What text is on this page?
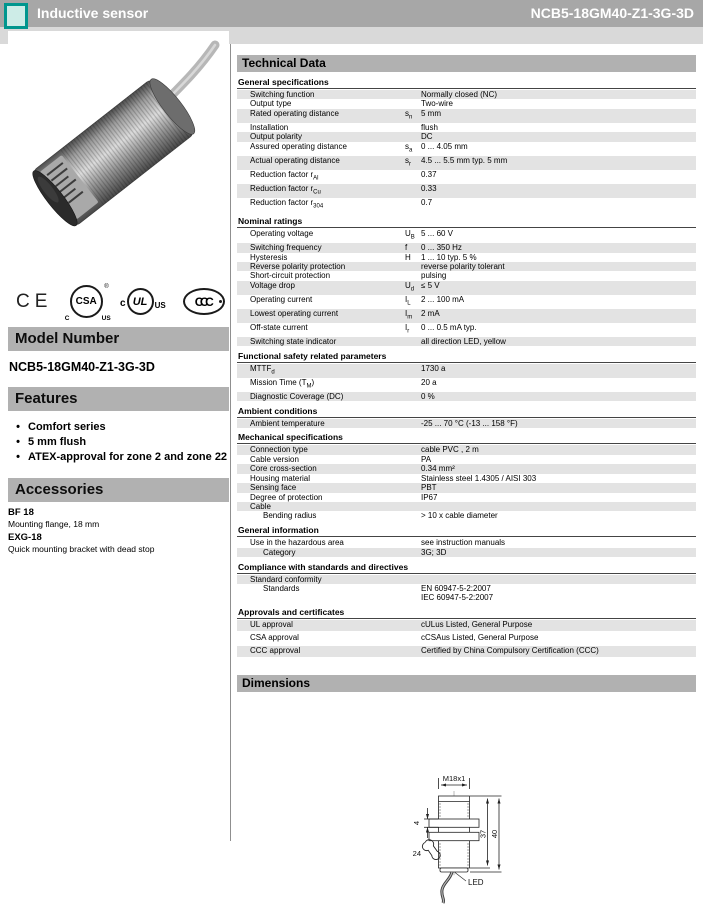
Inductive sensor	NCB5-18GM40-Z1-3G-3D
CE	CSA
®
C	US
c UL US	CCC
Model Number
NCB5-18GM40-Z1-3G-3D
Features
• Comfort series
• 5 mm flush
• ATEX-approval for zone 2 and zone 22
Accessories
BF 18
Mounting flange, 18 mm
EXG-18
Quick mounting bracket with dead stop
Technical Data
General specifications
Switching function	Normally closed (NC)
Output type	Two-wire
Rated operating distance	$s_n$	5 mm
Installation	flush
Output polarity	DC
Assured operating distance	$s_a$	0 ... 4.05 mm
Actual operating distance	$s_r$	4.5 ... 5.5 mm typ. 5 mm
Reduction factor $r_{Al}$	0.37
Reduction factor $r_{Cu}$	0.33
Reduction factor $r_{304}$	0.7
Nominal ratings
Operating voltage	$U_B$ 5 ... 60 V
Switching frequency	f	0 ... 350 Hz
Hysteresis	H	1 ... 10 typ. 5 %
Reverse polarity protection	reverse polarity tolerant
Short-circuit protection	pulsing
Voltage drop	$U_d \le 5$ V
Operating current	$I_L$	2 ... 100 mA
Lowest operating current	$I_m$	2 mA
Off-state current	$I_r$	0 ... 0.5 mA typ.
Switching state indicator	all direction LED, yellow
Functional safety related parameters
$MTTF_d$	1730 a
Mission Time $(T_M)$	20 a
Diagnostic Coverage (DC)	0 %
Ambient conditions
Ambient temperature	-25 ... 70 °C (-13 ... 158 °F)
Mechanical specifications
Connection type	cable PVC , 2 m
Cable version	PA
Core cross-section	0.34 mm²
Housing material	Stainless steel 1.4305 / AISI 303
Sensing face	PBT
Degree of protection	IP67
Cable
Bending radius	> 10 x cable diameter
General information
Use in the hazardous area	see instruction manuals
Category	3G; 3D
Compliance with standards and directives
Standard conformity
Standards	EN 60947-5-2:2007
IEC 60947-5-2:2007
Approvals and certificates
UL approval	cULus Listed, General Purpose
CSA approval	cCSAus Listed, General Purpose
CCC approval	Certified by China Compulsory Certification (CCC)
Dimensions
M18x1
4
24
37 40
LED
